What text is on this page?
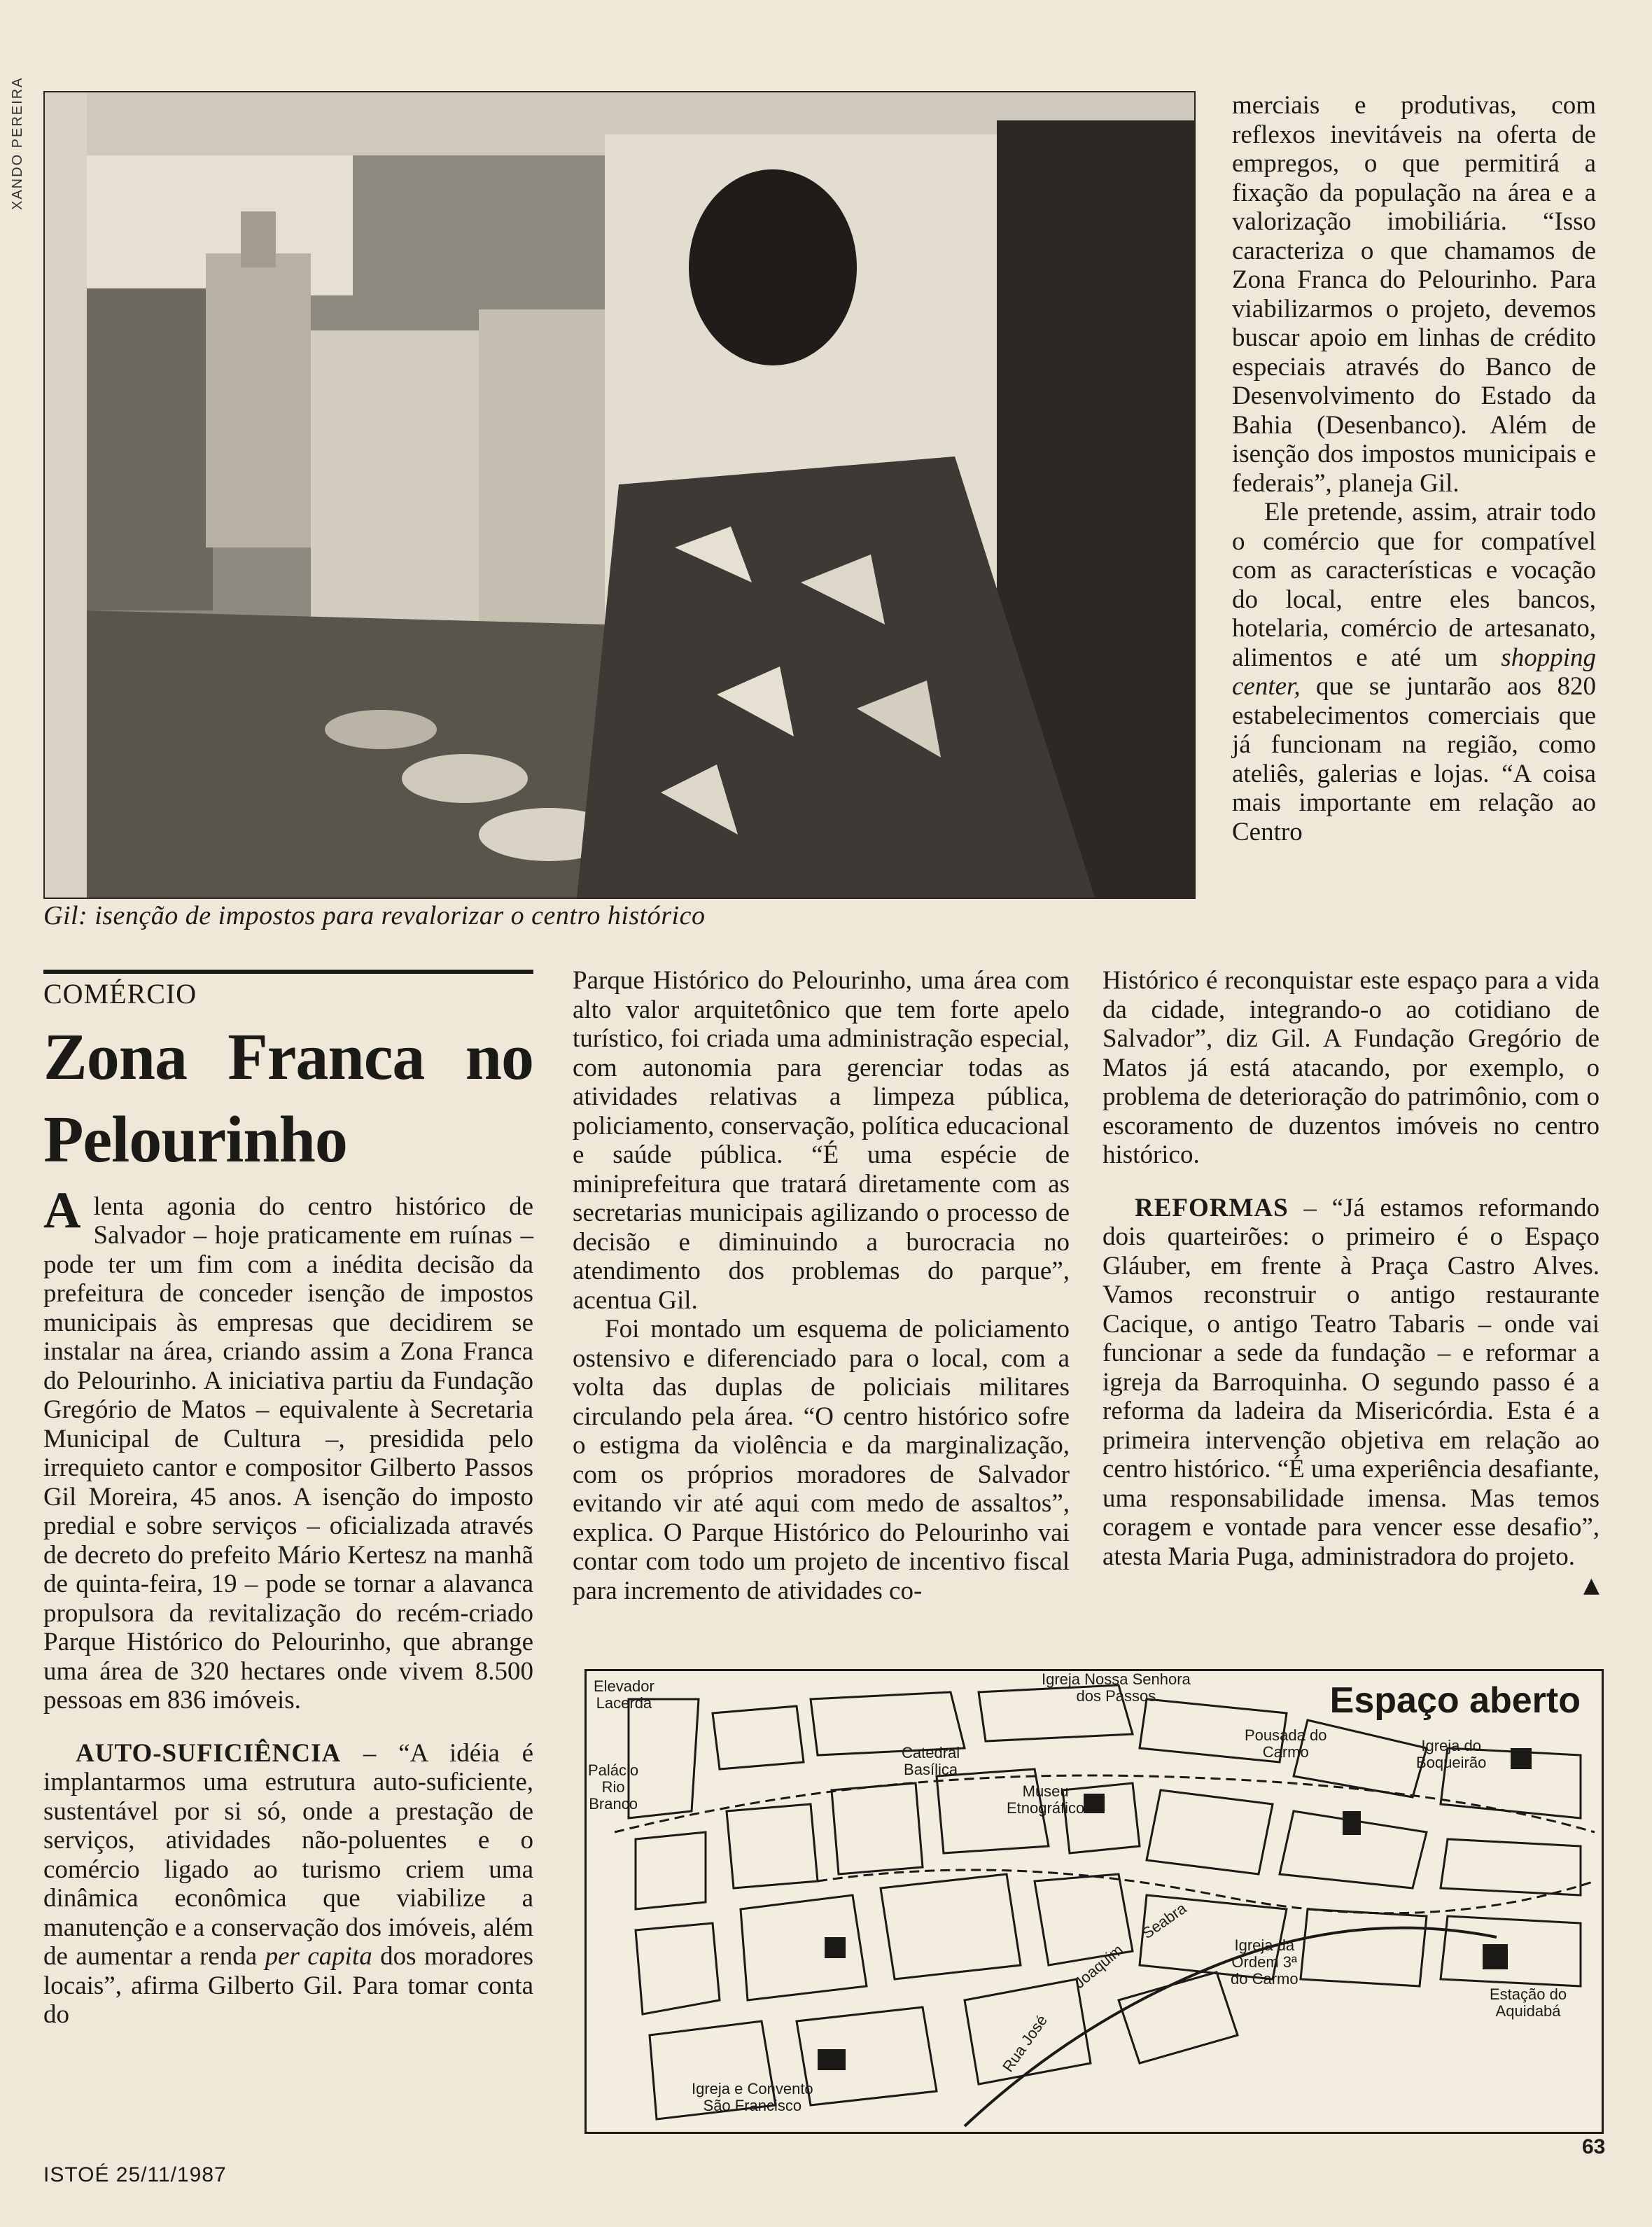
XANDO PEREIRA
Gil: isenção de impostos para revalorizar o centro histórico
COMÉRCIO
Zona Franca no Pelourinho

A lenta agonia do centro histórico de Salvador – hoje praticamente em ruínas – pode ter um fim com a inédita decisão da prefeitura de conceder isenção de impostos municipais às empresas que decidirem se instalar na área, criando assim a Zona Franca do Pelourinho. A iniciativa partiu da Fundação Gregório de Matos – equivalente à Secretaria Municipal de Cultura –, presidida pelo irrequieto cantor e compositor Gilberto Passos Gil Moreira, 45 anos. A isenção do imposto predial e sobre serviços – oficializada através de decreto do prefeito Mário Kertesz na manhã de quinta-feira, 19 – pode se tornar a alavanca propulsora da revitalização do recém-criado Parque Histórico do Pelourinho, que abrange uma área de 320 hectares onde vivem 8.500 pessoas em 836 imóveis.

AUTO-SUFICIÊNCIA – “A idéia é implantarmos uma estrutura auto-suficiente, sustentável por si só, onde a prestação de serviços, atividades não-poluentes e o comércio ligado ao turismo criem uma dinâmica econômica que viabilize a manutenção e a conservação dos imóveis, além de aumentar a renda per capita dos moradores locais”, afirma Gilberto Gil. Para tomar conta do

Parque Histórico do Pelourinho, uma área com alto valor arquitetônico que tem forte apelo turístico, foi criada uma administração especial, com autonomia para gerenciar todas as atividades relativas a limpeza pública, policiamento, conservação, política educacional e saúde pública. “É uma espécie de miniprefeitura que tratará diretamente com as secretarias municipais agilizando o processo de decisão e diminuindo a burocracia no atendimento dos problemas do parque”, acentua Gil.

Foi montado um esquema de policiamento ostensivo e diferenciado para o local, com a volta das duplas de policiais militares circulando pela área. “O centro histórico sofre o estigma da violência e da marginalização, com os próprios moradores de Salvador evitando vir até aqui com medo de assaltos”, explica. O Parque Histórico do Pelourinho vai contar com todo um projeto de incentivo fiscal para incremento de atividades co-

merciais e produtivas, com reflexos inevitáveis na oferta de empregos, o que permitirá a fixação da população na área e a valorização imobiliária. “Isso caracteriza o que chamamos de Zona Franca do Pelourinho. Para viabilizarmos o projeto, devemos buscar apoio em linhas de crédito especiais através do Banco de Desenvolvimento do Estado da Bahia (Desenbanco). Além de isenção dos impostos municipais e federais”, planeja Gil.

Ele pretende, assim, atrair todo o comércio que for compatível com as características e vocação do local, entre eles bancos, hotelaria, comércio de artesanato, alimentos e até um shopping center, que se juntarão aos 820 estabelecimentos comerciais que já funcionam na região, como ateliês, galerias e lojas. “A coisa mais importante em relação ao Centro

Histórico é reconquistar este espaço para a vida da cidade, integrando-o ao cotidiano de Salvador”, diz Gil. A Fundação Gregório de Matos já está atacando, por exemplo, o problema de deterioração do patrimônio, com o escoramento de duzentos imóveis no centro histórico.

REFORMAS – “Já estamos reformando dois quarteirões: o primeiro é o Espaço Gláuber, em frente à Praça Castro Alves. Vamos reconstruir o antigo restaurante Cacique, o antigo Teatro Tabaris – onde vai funcionar a sede da fundação – e reformar a igreja da Barroquinha. O segundo passo é a reforma da ladeira da Misericórdia. Esta é a primeira intervenção objetiva em relação ao centro histórico. “É uma experiência desafiante, uma responsabilidade imensa. Mas temos coragem e vontade para vencer esse desafio”, atesta Maria Puga, administradora do projeto.
▲

Espaço aberto
Elevador
Lacerda
Palácio
Rio
Branco
Catedral
Basílica
Museu
Etnográfico
Igreja Nossa Senhora
dos Passos
Pousada do
Carmo	Igreja do
Boqueirão
Igreja da
Ordem 3ª
do Carmo
Estação do
Aquidabá
Igreja e Convento
São Francisco
Rua José
Joaquim
Seabra
ISTOÉ 25/11/1987
63
